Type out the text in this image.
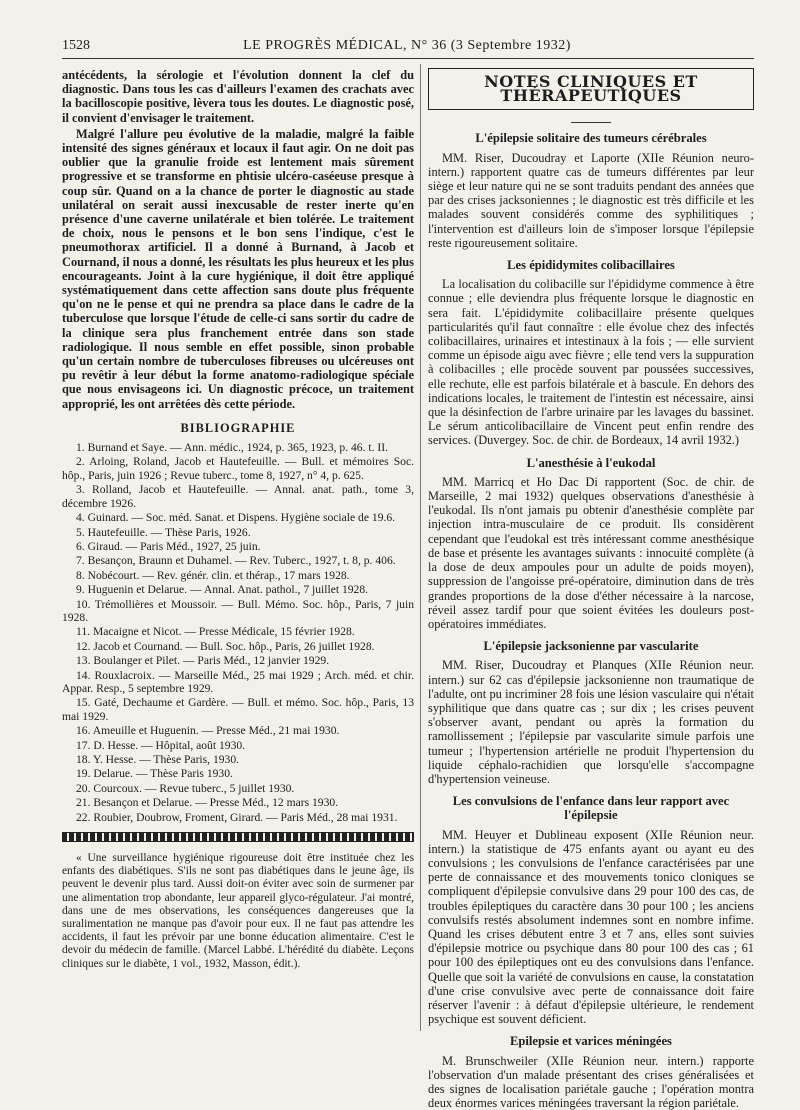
1528	LE PROGRÈS MÉDICAL, N° 36 (3 Septembre 1932)

antécédents, la sérologie et l'évolution donnent la clef du diagnostic. Dans tous les cas d'ailleurs l'examen des crachats avec la bacilloscopie positive, lèvera tous les doutes. Le diagnostic posé, il convient d'envisager le traitement.

Malgré l'allure peu évolutive de la maladie, malgré la faible intensité des signes généraux et locaux il faut agir. On ne doit pas oublier que la granulie froide est lentement mais sûrement progressive et se transforme en phtisie ulcéro-caséeuse presque à coup sûr. Quand on a la chance de porter le diagnostic au stade unilatéral on serait aussi inexcusable de rester inerte qu'en présence d'une caverne unilatérale et bien tolérée. Le traitement de choix, nous le pensons et le bon sens l'indique, c'est le pneumothorax artificiel. Il a donné à Burnand, à Jacob et Cournand, il nous a donné, les résultats les plus heureux et les plus encourageants. Joint à la cure hygiénique, il doit être appliqué systématiquement dans cette affection sans doute plus fréquente qu'on ne le pense et qui ne prendra sa place dans le cadre de la tuberculose que lorsque l'étude de celle-ci sans sortir du cadre de la clinique sera plus franchement entrée dans son stade radiologique. Il nous semble en effet possible, sinon probable qu'un certain nombre de tuberculoses fibreuses ou ulcéreuses ont pu revêtir à leur début la forme anatomo-radiologique spéciale que nous envisageons ici. Un diagnostic précoce, un traitement approprié, les ont arrêtées dès cette période.

BIBLIOGRAPHIE
1. Burnand et Saye. — Ann. médic., 1924, p. 365, 1923, p. 46. t. II.
2. Arloing, Roland, Jacob et Hautefeuille. — Bull. et mémoires Soc. hôp., Paris, juin 1926 ; Revue tuberc., tome 8, 1927, n° 4, p. 625.
3. Rolland, Jacob et Hautefeuille. — Annal. anat. path., tome 3, décembre 1926.
4. Guinard. — Soc. méd. Sanat. et Dispens. Hygiène sociale de 19.6.
5. Hautefeuille. — Thèse Paris, 1926.
6. Giraud. — Paris Méd., 1927, 25 juin.
7. Besançon, Braunn et Duhamel. — Rev. Tuberc., 1927, t. 8, p. 406.
8. Nobécourt. — Rev. génér. clin. et thérap., 17 mars 1928.
9. Huguenin et Delarue. — Annal. Anat. pathol., 7 juillet 1928.
10. Trémollières et Moussoir. — Bull. Mémo. Soc. hôp., Paris, 7 juin 1928.
11. Macaigne et Nicot. — Presse Médicale, 15 février 1928.
12. Jacob et Cournand. — Bull. Soc. hôp., Paris, 26 juillet 1928.
13. Boulanger et Pilet. — Paris Méd., 12 janvier 1929.
14. Rouxlacroix. — Marseille Méd., 25 mai 1929 ; Arch. méd. et chir. Appar. Resp., 5 septembre 1929.
15. Gaté, Dechaume et Gardère. — Bull. et mémo. Soc. hôp., Paris, 13 mai 1929.
16. Ameuille et Huguenin. — Presse Méd., 21 mai 1930.
17. D. Hesse. — Hôpital, août 1930.
18. Y. Hesse. — Thèse Paris, 1930.
19. Delarue. — Thèse Paris 1930.
20. Courcoux. — Revue tuberc., 5 juillet 1930.
21. Besançon et Delarue. — Presse Méd., 12 mars 1930.
22. Roubier, Doubrow, Froment, Girard. — Paris Méd., 28 mai 1931.

« Une surveillance hygiénique rigoureuse doit être instituée chez les enfants des diabétiques. S'ils ne sont pas diabétiques dans le jeune âge, ils peuvent le devenir plus tard. Aussi doit-on éviter avec soin de surmener par une alimentation trop abondante, leur appareil glyco-régulateur. J'ai montré, dans une de mes observations, les conséquences dangereuses que la suralimentation ne manque pas d'avoir pour eux. Il ne faut pas attendre les accidents, il faut les prévoir par une bonne éducation alimentaire. C'est le devoir du médecin de famille. (Marcel Labbé. L'hérédité du diabète. Leçons cliniques sur le diabète, 1 vol., 1932, Masson, édit.).

NOTES CLINIQUES ET THÉRAPEUTIQUES
L'épilepsie solitaire des tumeurs cérébrales

MM. Riser, Ducoudray et Laporte (XIIe Réunion neuro-intern.) rapportent quatre cas de tumeurs différentes par leur siège et leur nature qui ne se sont traduits pendant des années que par des crises jacksoniennes ; le diagnostic est très difficile et les malades souvent considérés comme des syphilitiques ; l'intervention est d'ailleurs loin de s'imposer lorsque l'épilepsie reste rigoureusement solitaire.

Les épididymites colibacillaires

La localisation du colibacille sur l'épididyme commence à être connue ; elle deviendra plus fréquente lorsque le diagnostic en sera fait. L'épididymite colibacillaire présente quelques particularités qu'il faut connaître : elle évolue chez des infectés colibacillaires, urinaires et intestinaux à la fois ; — elle survient comme un épisode aigu avec fièvre ; elle tend vers la suppuration à colibacilles ; elle procède souvent par poussées successives, elle rechute, elle est parfois bilatérale et à bascule. En dehors des indications locales, le traitement de l'intestin est nécessaire, ainsi que la désinfection de l'arbre urinaire par les lavages du bassinet. Le sérum anticolibacillaire de Vincent peut enfin rendre des services. (Duvergey. Soc. de chir. de Bordeaux, 14 avril 1932.)

L'anesthésie à l'eukodal

MM. Marricq et Ho Dac Di rapportent (Soc. de chir. de Marseille, 2 mai 1932) quelques observations d'anesthésie à l'eukodal. Ils n'ont jamais pu obtenir d'anesthésie complète par injection intra-musculaire de ce produit. Ils considèrent cependant que l'eudokal est très intéressant comme anesthésique de base et présente les avantages suivants : innocuité complète (à la dose de deux ampoules pour un adulte de poids moyen), suppression de l'angoisse pré-opératoire, diminution dans de très grandes proportions de la dose d'éther nécessaire à la narcose, réveil assez tardif pour que soient évitées les douleurs post-opératoires immédiates.

L'épilepsie jacksonienne par vascularite

MM. Riser, Ducoudray et Planques (XIIe Réunion neur. intern.) sur 62 cas d'épilepsie jacksonienne non traumatique de l'adulte, ont pu incriminer 28 fois une lésion vasculaire qui n'était syphilitique que dans quatre cas ; sur dix ; les crises peuvent s'observer avant, pendant ou après la formation du ramollissement ; l'épilepsie par vascularite simule parfois une tumeur ; l'hypertension artérielle ne produit l'hypertension du liquide céphalo-rachidien que lorsqu'elle s'accompagne d'hypertension veineuse.

Les convulsions de l'enfance dans leur rapport avec l'épilepsie

MM. Heuyer et Dublineau exposent (XIIe Réunion neur. intern.) la statistique de 475 enfants ayant ou ayant eu des convulsions ; les convulsions de l'enfance caractérisées par une perte de connaissance et des mouvements tonico cloniques se compliquent d'épilepsie convulsive dans 29 pour 100 des cas, de troubles épileptiques du caractère dans 30 pour 100 ; les anciens convulsifs restés absolument indemnes sont en nombre infime. Quand les crises débutent entre 3 et 7 ans, elles sont suivies d'épilepsie motrice ou psychique dans 80 pour 100 des cas ; 61 pour 100 des épileptiques ont eu des convulsions dans l'enfance. Quelle que soit la variété de convulsions en cause, la constatation d'une crise convulsive avec perte de connaissance doit faire réserver l'avenir : à défaut d'épilepsie ultérieure, le rendement psychique est souvent déficient.

Epilepsie et varices méningées

M. Brunschweiler (XIIe Réunion neur. intern.) rapporte l'observation d'un malade présentant des crises généralisées et des signes de localisation pariétale gauche ; l'opération montra deux énormes varices méningées traversant la région pariétale.
